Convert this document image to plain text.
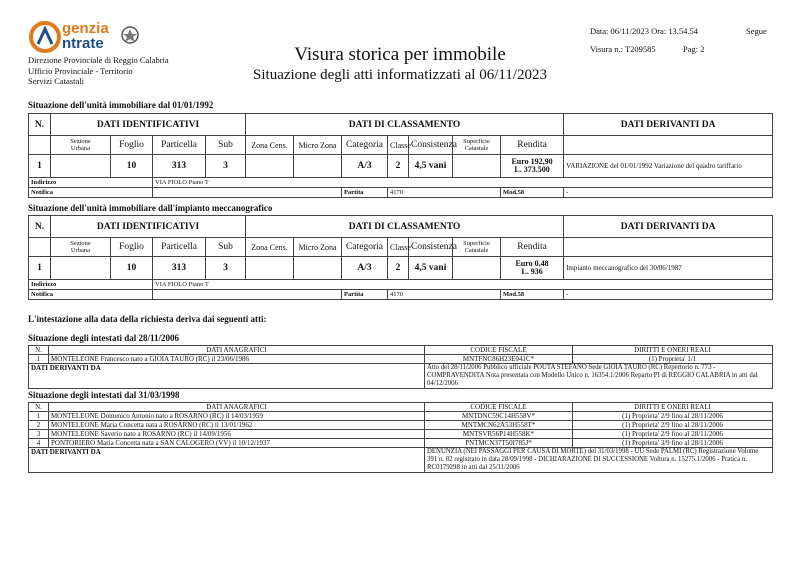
genzia
ntrate
Direzione Provinciale di Reggio Calabria
Ufficio Provinciale - Territorio
Servizi Catastali
Visura storica per immobile
Situazione degli atti informatizzati al 06/11/2023
Data: 06/11/2023 Ora: 13.54.54	Segue
Visura n.: T209585	Pag: 2
Situazione dell'unità immobiliare dal 01/01/1992
N.	DATI IDENTIFICATIVI				DATI DI CLASSAMENTO							DATI DERIVANTI DA
	Sezione
Urbana	Foglio	Particella	Sub	Zona Cens.	Micro Zona	Categoria	Classe	Consistenza	Superficie
Catastale	Rendita	
1		10	313	3			A/3	2	4,5 vani		Euro 192,90
L. 373.500	VARIAZIONE del 01/01/1992 Variazione del quadro tariffario
Indirizzo			VIA FIOLO Piano T									
Notifica							Partita	4170			Mod.58	-
Situazione dell'unità immobiliare dall'impianto meccanografico
N.	DATI IDENTIFICATIVI				DATI DI CLASSAMENTO							DATI DERIVANTI DA
	Sezione
Urbana	Foglio	Particella	Sub	Zona Cens.	Micro Zona	Categoria	Classe	Consistenza	Superficie
Catastale	Rendita	
1		10	313	3			A/3	2	4,5 vani		Euro 0,48
L. 936	Impianto meccanografico del 30/06/1987
Indirizzo			VIA FIOLO Piano T									
Notifica							Partita	4170			Mod.58	-
L'intestazione alla data della richiesta deriva dai seguenti atti:
Situazione degli intestati dal 28/11/2006
N.	DATI ANAGRAFICI	CODICE FISCALE	DIRITTI E ONERI REALI
1	MONTELEONE Francesco nato a GIOIA TAURO (RC) il 23/06/1986	MNTFNC86H23E041C*	(1) Proprieta' 1/1
DATI DERIVANTI DA		Atto del 28/11/2006 Pubblico ufficiale POUTA STEFANO Sede GIOIA TAURO (RC) Repertorio n. 773 - COMPRAVENDITA Nota presentata con Modello Unico n. 16354.1/2006 Reparto PI di REGGIO CALABRIA in atti dal 04/12/2006	
Situazione degli intestati dal 31/03/1998
N.	DATI ANAGRAFICI	CODICE FISCALE	DIRITTI E ONERI REALI
1	MONTELEONE Domenico Antonio nato a ROSARNO (RC) il 14/03/1959	MNTDNC59C14H558V*	(1) Proprieta' 2/9 fino al 28/11/2006
2	MONTELEONE Maria Concetta nata a ROSARNO (RC) il 13/01/1962	MNTMCN62A53H558T*	(1) Proprieta' 2/9 fino al 28/11/2006
3	MONTELEONE Saverio nato a ROSARNO (RC) il 14/09/1956	MNTSVR56P14H558K*	(1) Proprieta' 2/9 fino al 28/11/2006
4	PONTORIERO Maria Concetta nata a SAN CALOGERO (VV) il 10/12/1937	PNTMCN37T50I785J*	(1) Proprieta' 3/9 fino al 28/11/2006
DATI DERIVANTI DA		DENUNZIA (NEI PASSAGGI PER CAUSA DI MORTE) del 31/03/1998 - UU Sede PALMI (RC) Registrazione Volume 391 n. 82 registrato in data 28/09/1998 - DICHIARAZIONE DI SUCCESSIONE Voltura n. 15275.1/2006 - Pratica n. RC0179298 in atti dal 25/11/2006	
